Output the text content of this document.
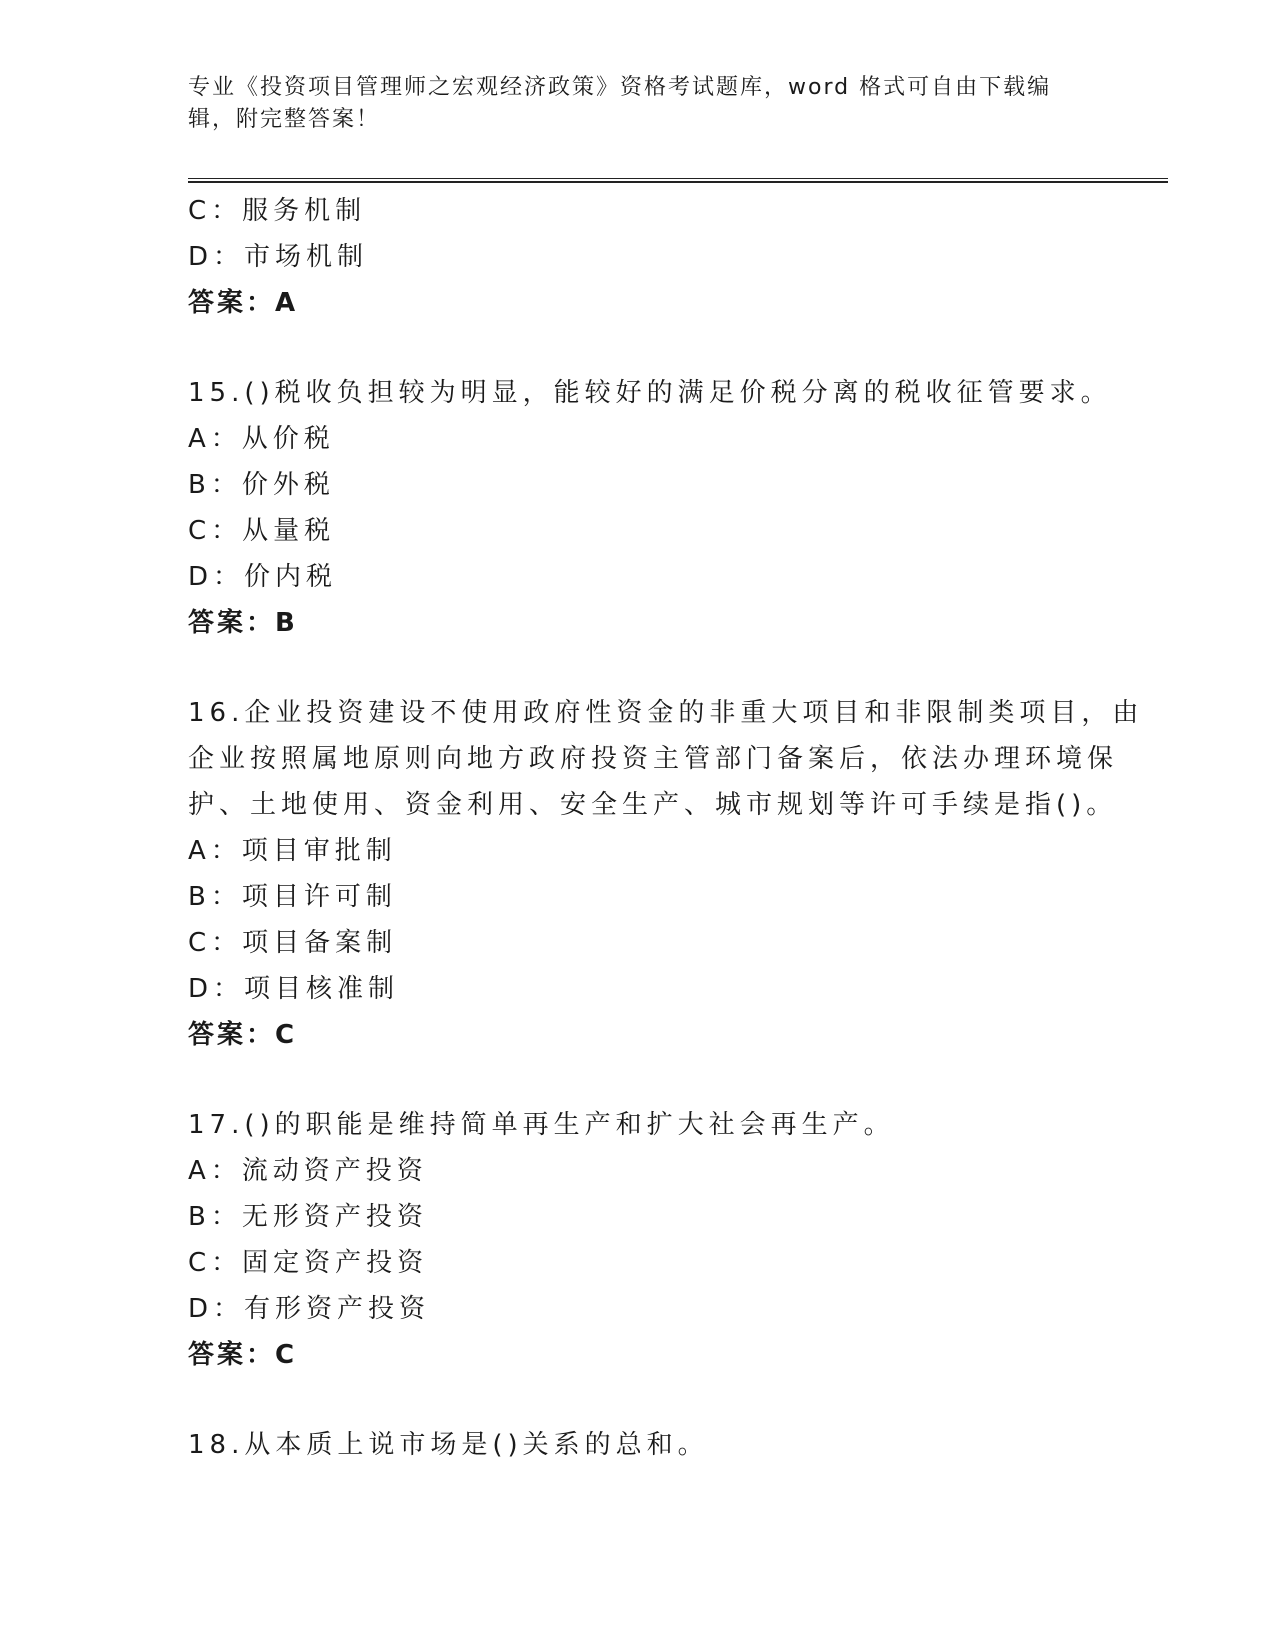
专业《投资项目管理师之宏观经济政策》资格考试题库，word 格式可自由下载编
辑，附完整答案！
C：服务机制
D：市场机制
答案：A
15.()税收负担较为明显，能较好的满足价税分离的税收征管要求。
A：从价税
B：价外税
C：从量税
D：价内税
答案：B
16.企业投资建设不使用政府性资金的非重大项目和非限制类项目，由
企业按照属地原则向地方政府投资主管部门备案后，依法办理环境保
护、土地使用、资金利用、安全生产、城市规划等许可手续是指()。
A：项目审批制
B：项目许可制
C：项目备案制
D：项目核准制
答案：C
17.()的职能是维持简单再生产和扩大社会再生产。
A：流动资产投资
B：无形资产投资
C：固定资产投资
D：有形资产投资
答案：C
18.从本质上说市场是()关系的总和。
